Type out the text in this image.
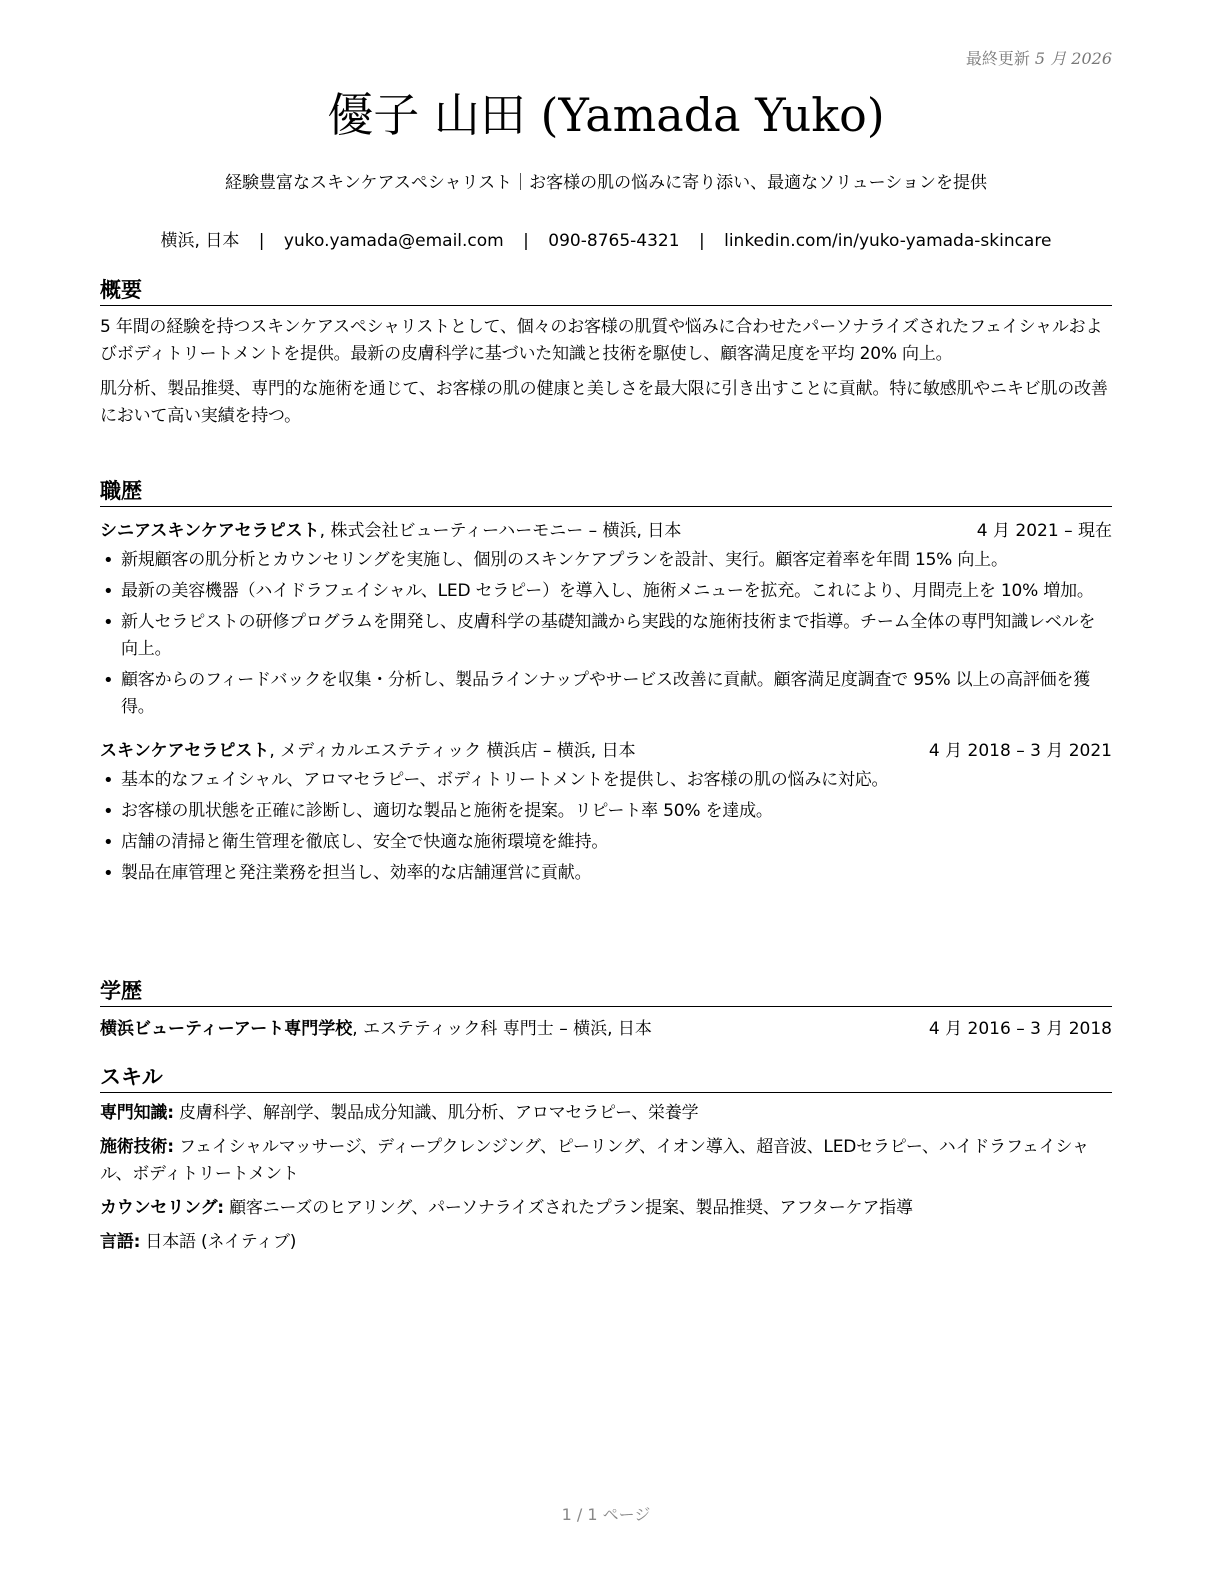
最終更新 5 月 2026
優子 山田 (Yamada Yuko)
経験豊富なスキンケアスペシャリスト｜お客様の肌の悩みに寄り添い、最適なソリューションを提供
横浜, 日本 | yuko.yamada@email.com | 090-8765-4321 | linkedin.com/in/yuko-yamada-skincare
概要

5 年間の経験を持つスキンケアスペシャリストとして、個々のお客様の肌質や悩みに合わせたパーソナライズされたフェイシャルおよびボディトリートメントを提供。最新の皮膚科学に基づいた知識と技術を駆使し、顧客満足度を平均 20% 向上。

肌分析、製品推奨、専門的な施術を通じて、お客様の肌の健康と美しさを最大限に引き出すことに貢献。特に敏感肌やニキビ肌の改善において高い実績を持つ。

職歴
シニアスキンケアセラピスト, 株式会社ビューティーハーモニー – 横浜, 日本	4 月 2021 – 現在
• 新規顧客の肌分析とカウンセリングを実施し、個別のスキンケアプランを設計、実行。顧客定着率を年間 15% 向上。
• 最新の美容機器（ハイドラフェイシャル、LED セラピー）を導入し、施術メニューを拡充。これにより、月間売上を 10% 増加。
• 新人セラピストの研修プログラムを開発し、皮膚科学の基礎知識から実践的な施術技術まで指導。チーム全体の専門知識レベルを向上。
• 顧客からのフィードバックを収集・分析し、製品ラインナップやサービス改善に貢献。顧客満足度調査で 95% 以上の高評価を獲得。
スキンケアセラピスト, メディカルエステティック 横浜店 – 横浜, 日本	4 月 2018 – 3 月 2021
• 基本的なフェイシャル、アロマセラピー、ボディトリートメントを提供し、お客様の肌の悩みに対応。
• お客様の肌状態を正確に診断し、適切な製品と施術を提案。リピート率 50% を達成。
• 店舗の清掃と衛生管理を徹底し、安全で快適な施術環境を維持。
• 製品在庫管理と発注業務を担当し、効率的な店舗運営に貢献。
学歴
横浜ビューティーアート専門学校, エステティック科 専門士 – 横浜, 日本	4 月 2016 – 3 月 2018
スキル
専門知識: 皮膚科学、解剖学、製品成分知識、肌分析、アロマセラピー、栄養学
施術技術: フェイシャルマッサージ、ディープクレンジング、ピーリング、イオン導入、超音波、LEDセラピー、ハイドラフェイシャル、ボディトリートメント
カウンセリング: 顧客ニーズのヒアリング、パーソナライズされたプラン提案、製品推奨、アフターケア指導
言語: 日本語 (ネイティブ)
1 / 1 ページ
